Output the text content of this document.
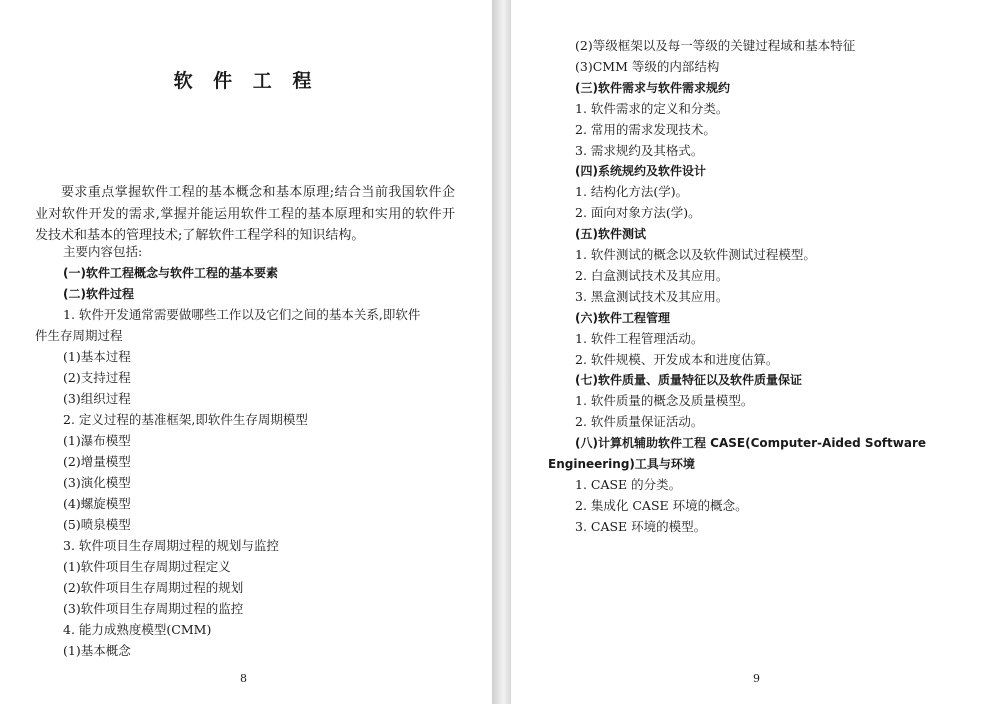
软 件 工 程

要求重点掌握软件工程的基本概念和基本原理;结合当前我国软件企业对软件开发的需求,掌握并能运用软件工程的基本原理和实用的软件开发技术和基本的管理技术;了解软件工程学科的知识结构。

主要内容包括:
(一)软件工程概念与软件工程的基本要素
(二)软件过程
1. 软件开发通常需要做哪些工作以及它们之间的基本关系,即软件
件生存周期过程
(1)基本过程
(2)支持过程
(3)组织过程
2. 定义过程的基准框架,即软件生存周期模型
(1)瀑布模型
(2)增量模型
(3)演化模型
(4)螺旋模型
(5)喷泉模型
3. 软件项目生存周期过程的规划与监控
(1)软件项目生存周期过程定义
(2)软件项目生存周期过程的规划
(3)软件项目生存周期过程的监控
4. 能力成熟度模型(CMM)
(1)基本概念
8
(2)等级框架以及每一等级的关键过程域和基本特征
(3)CMM 等级的内部结构
(三)软件需求与软件需求规约
1. 软件需求的定义和分类。
2. 常用的需求发现技术。
3. 需求规约及其格式。
(四)系统规约及软件设计
1. 结构化方法(学)。
2. 面向对象方法(学)。
(五)软件测试
1. 软件测试的概念以及软件测试过程模型。
2. 白盒测试技术及其应用。
3. 黑盒测试技术及其应用。
(六)软件工程管理
1. 软件工程管理活动。
2. 软件规模、开发成本和进度估算。
(七)软件质量、质量特征以及软件质量保证
1. 软件质量的概念及质量模型。
2. 软件质量保证活动。
(八)计算机辅助软件工程 CASE(Computer-Aided Software
Engineering)工具与环境
1. CASE 的分类。
2. 集成化 CASE 环境的概念。
3. CASE 环境的模型。
9
